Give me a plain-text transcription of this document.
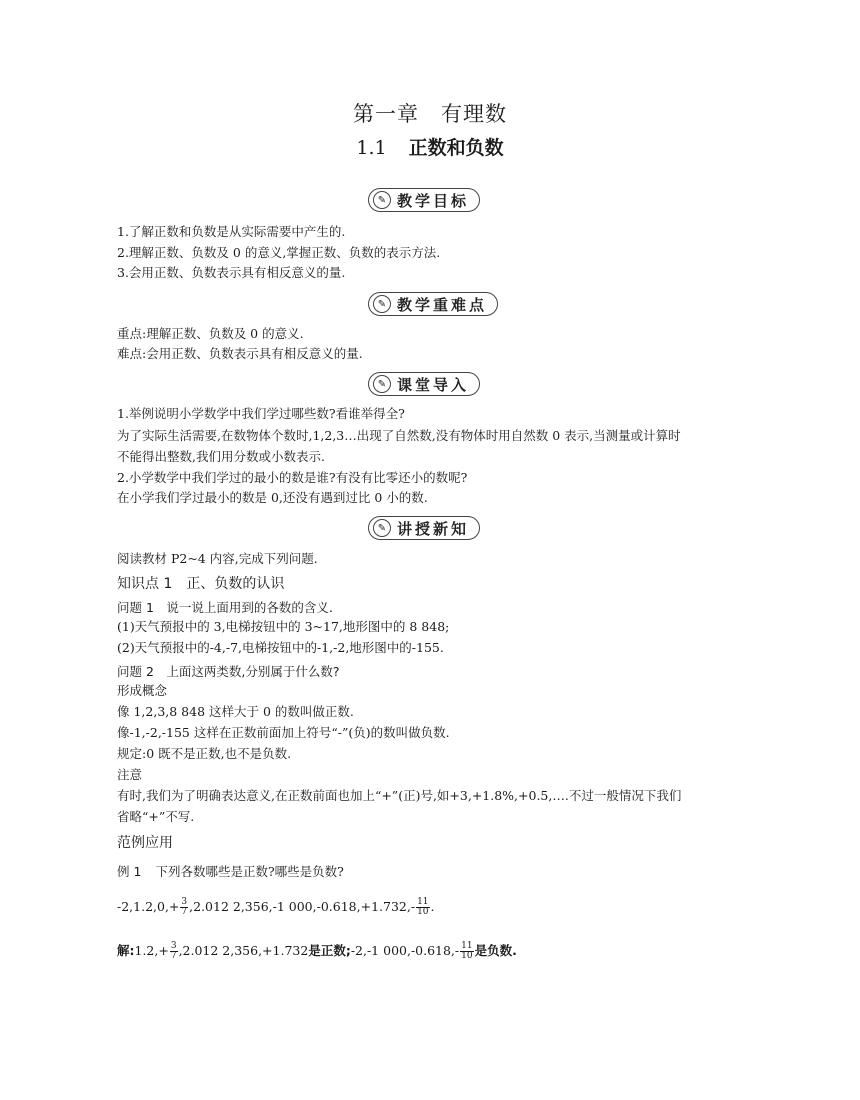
第一章　有理数
1.1 正数和负数
✎ 教学目标
1.了解正数和负数是从实际需要中产生的.
2.理解正数、负数及 0 的意义,掌握正数、负数的表示方法.
3.会用正数、负数表示具有相反意义的量.
✎ 教学重难点
重点:理解正数、负数及 0 的意义.
难点:会用正数、负数表示具有相反意义的量.
✎ 课堂导入
1.举例说明小学数学中我们学过哪些数?看谁举得全?
为了实际生活需要,在数物体个数时,1,2,3…出现了自然数,没有物体时用自然数 0 表示,当测量或计算时
不能得出整数,我们用分数或小数表示.
2.小学数学中我们学过的最小的数是谁?有没有比零还小的数呢?
在小学我们学过最小的数是 0,还没有遇到过比 0 小的数.
✎ 讲授新知
阅读教材 P2~4 内容,完成下列问题.
知识点 1　正、负数的认识
问题 1　说一说上面用到的各数的含义.
(1)天气预报中的 3,电梯按钮中的 3~17,地形图中的 8 848;
(2)天气预报中的-4,-7,电梯按钮中的-1,-2,地形图中的-155.
问题 2　上面这两类数,分别属于什么数?
形成概念
像 1,2,3,8 848 这样大于 0 的数叫做正数.
像-1,-2,-155 这样在正数前面加上符号“-”(负)的数叫做负数.
规定:0 既不是正数,也不是负数.
注意
有时,我们为了明确表达意义,在正数前面也加上“+”(正)号,如+3,+1.8%,+0.5,….不过一般情况下我们
省略“+”不写.
范例应用
例 1 下列各数哪些是正数?哪些是负数?
$-2,1.2,0,+ \frac{3}{7} ,2.012$ 2,356,-1 $000,-0.618,+1.732,- \frac{11}{10}$ .
解:1.2,+ $\frac{3}{7} ,2.012$ 2,356,+1.732是正数;-2,-1 $000,-0.618,- \frac{11}{10}$ 是负数.
